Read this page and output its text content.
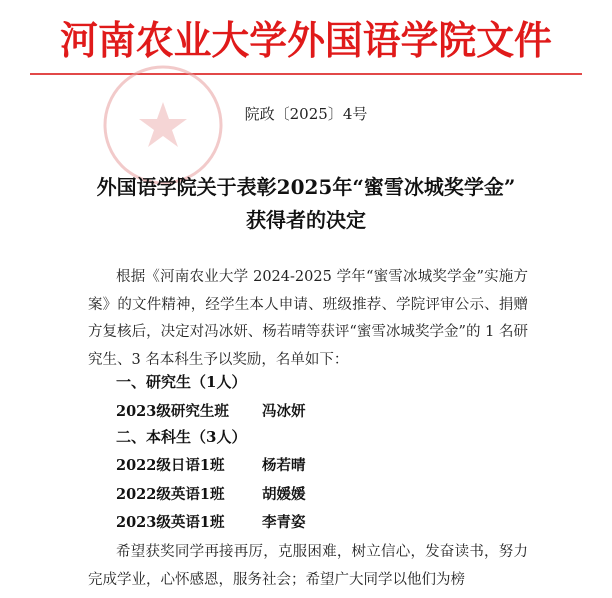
河南农业大学外国语学院文件
院政〔2025〕4号
外国语学院关于表彰2025年“蜜雪冰城奖学金”
获得者的决定
根据《河南农业大学 2024-2025 学年“蜜雪冰城奖学金”实施方案》的文件精神，经学生本人申请、班级推荐、学院评审公示、捐赠方复核后，决定对冯冰妍、杨若晴等获评“蜜雪冰城奖学金”的 1 名研究生、3 名本科生予以奖励，名单如下：
一、研究生（1人）
2023级研究生班 冯冰妍
二、本科生（3人）
2022级日语1班	杨若晴
2022级英语1班	胡媛媛
2023级英语1班	李青姿
希望获奖同学再接再厉，克服困难，树立信心，发奋读书，努力完成学业，心怀感恩，服务社会；希望广大同学以他们为榜
